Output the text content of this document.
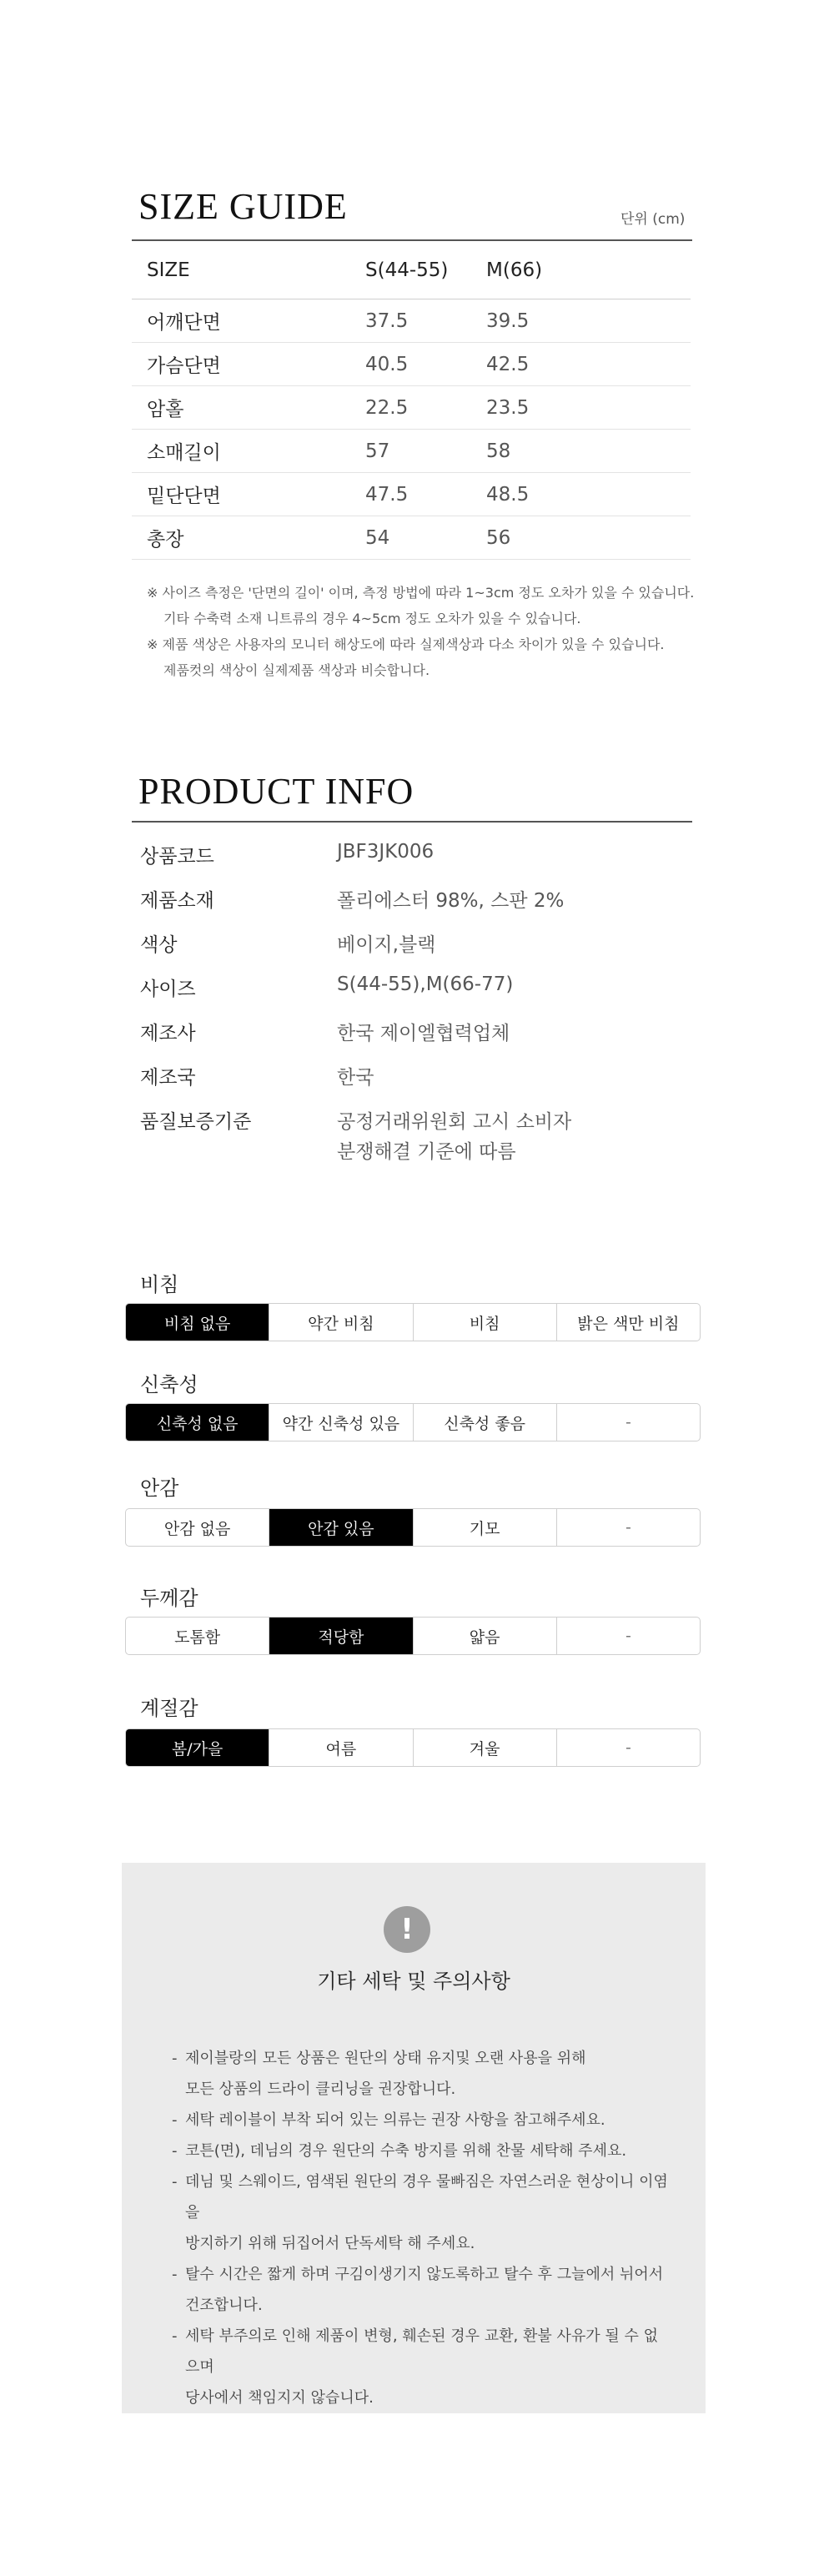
SIZE GUIDE	단위 (cm)
SIZE	S(44-55)	M(66)
어깨단면	37.5	39.5
가슴단면	40.5	42.5
암홀	22.5	23.5
소매길이	57	58
밑단단면	47.5	48.5
총장	54	56
※ 사이즈 측정은 '단면의 길이' 이며, 측정 방법에 따라 1~3cm 정도 오차가 있을 수 있습니다.
기타 수축력 소재 니트류의 경우 4~5cm 정도 오차가 있을 수 있습니다.
※ 제품 색상은 사용자의 모니터 해상도에 따라 실제색상과 다소 차이가 있을 수 있습니다.
제품컷의 색상이 실제제품 색상과 비슷합니다.
PRODUCT INFO
상품코드	JBF3JK006
제품소재	폴리에스터 98%, 스판 2%
색상	베이지,블랙
사이즈	S(44-55),M(66-77)
제조사	한국 제이엘협력업체
제조국	한국
품질보증기준	공정거래위원회 고시 소비자
분쟁해결 기준에 따름
비침
비침 없음	약간 비침	비침	밝은 색만 비침
신축성
신축성 없음	약간 신축성 있음	신축성 좋음	-
안감
안감 없음	안감 있음	기모	-
두께감
도톰함	적당함	얇음	-
계절감
봄/가을	여름	겨울	-
!
기타 세탁 및 주의사항
- 제이블랑의 모든 상품은 원단의 상태 유지및 오랜 사용을 위해
모든 상품의 드라이 클리닝을 권장합니다.
- 세탁 레이블이 부착 되어 있는 의류는 권장 사항을 참고해주세요.
- 코튼(면), 데님의 경우 원단의 수축 방지를 위해 찬물 세탁해 주세요.
- 데님 및 스웨이드, 염색된 원단의 경우 물빠짐은 자연스러운 현상이니 이염을
방지하기 위해 뒤집어서 단독세탁 해 주세요.
- 탈수 시간은 짧게 하며 구김이생기지 않도록하고 탈수 후 그늘에서 뉘어서
건조합니다.
- 세탁 부주의로 인해 제품이 변형, 훼손된 경우 교환, 환불 사유가 될 수 없으며
당사에서 책임지지 않습니다.
